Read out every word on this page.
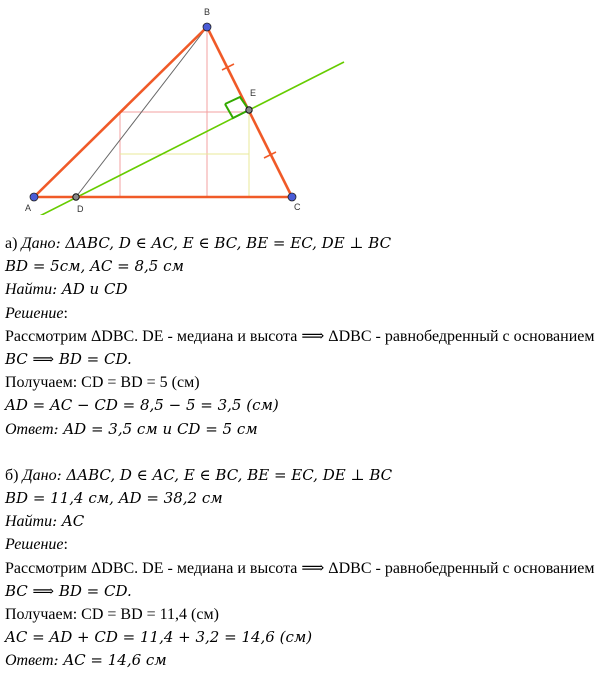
A
B
C
D
E
а) Дано: ΔABC, D ∈ AC, E ∈ BC, BE = EC, DE ⊥ BC
BD = 5см, AC = 8,5 см
Найти: AD и CD
Решение:
Рассмотрим ΔDBC. DE - медиана и высота ⟹ ΔDBC - равнобедренный с основанием
BC ⟹ BD = CD.
Получаем: CD = BD = 5 (см)
AD = AC − CD = 8,5 − 5 = 3,5 (см)
Ответ: AD = 3,5 см и CD = 5 см
б) Дано: ΔABC, D ∈ AC, E ∈ BC, BE = EC, DE ⊥ BC
BD = 11,4 см, AD = 38,2 см
Найти: AC
Решение:
Рассмотрим ΔDBC. DE - медиана и высота ⟹ ΔDBC - равнобедренный с основанием
BC ⟹ BD = CD.
Получаем: CD = BD = 11,4 (см)
AC = AD + CD = 11,4 + 3,2 = 14,6 (см)
Ответ: AC = 14,6 см
